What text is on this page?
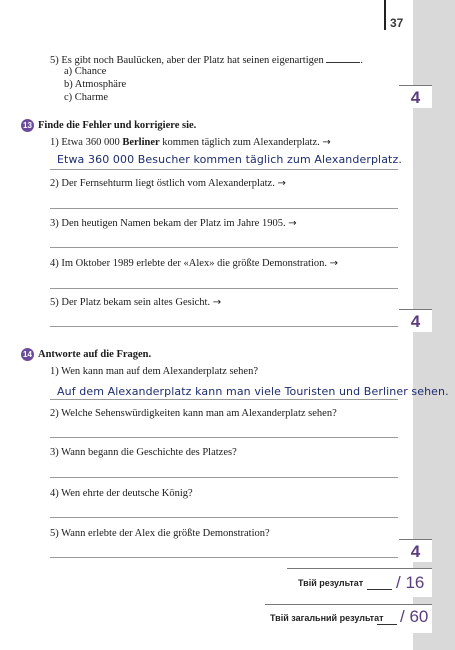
37
5) Es gibt noch Baulücken, aber der Platz hat seinen eigenartigen	.
a) Chance
b) Atmosphäre
c) Charme	4
13 Finde die Fehler und korrigiere sie.
1) Etwa 360 000 Berliner kommen täglich zum Alexanderplatz. →
Etwa 360 000 Besucher kommen täglich zum Alexanderplatz.
2) Der Fernsehturm liegt östlich vom Alexanderplatz. →
3) Den heutigen Namen bekam der Platz im Jahre 1905. →
4) Im Oktober 1989 erlebte der «Alex» die größte Demonstration. →
5) Der Platz bekam sein altes Gesicht. →
4
14 Antworte auf die Fragen.
1) Wen kann man auf dem Alexanderplatz sehen?
Auf dem Alexanderplatz kann man viele Touristen und Berliner sehen.
2) Welche Sehenswürdigkeiten kann man am Alexanderplatz sehen?
3) Wann begann die Geschichte des Platzes?
4) Wen ehrte der deutsche König?
5) Wann erlebte der Alex die größte Demonstration?
4
Твій результат / 16
Твій загальний результат / 60
